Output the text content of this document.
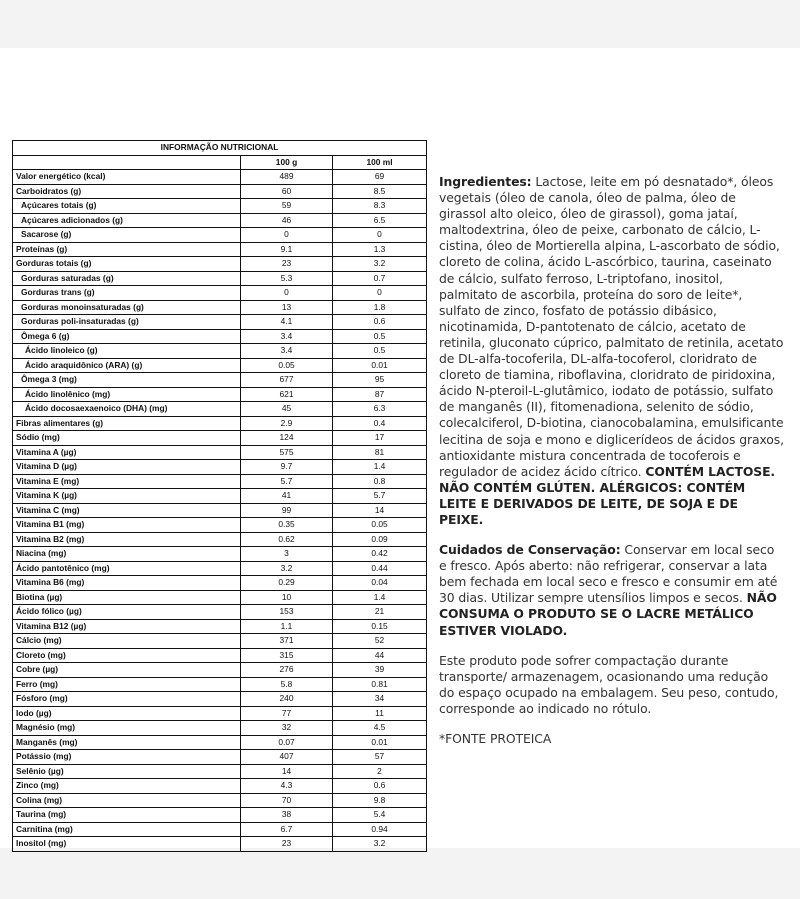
INFORMAÇÃO NUTRICIONAL		
	100 g	100 ml
Valor energético (kcal)	489	69
Carboidratos (g)	60	8.5
Açúcares totais (g)	59	8.3
Açúcares adicionados (g)	46	6.5
Sacarose (g)	0	0
Proteínas (g)	9.1	1.3
Gorduras totais (g)	23	3.2
Gorduras saturadas (g)	5.3	0.7
Gorduras trans (g)	0	0
Gorduras monoinsaturadas (g)	13	1.8
Gorduras poli-insaturadas (g)	4.1	0.6
Ômega 6 (g)	3.4	0.5
Ácido linoleico (g)	3.4	0.5
Ácido araquidônico (ARA) (g)	0.05	0.01
Ômega 3 (mg)	677	95
Ácido linolênico (mg)	621	87
Ácido docosaexaenoico (DHA) (mg)	45	6.3
Fibras alimentares (g)	2.9	0.4
Sódio (mg)	124	17
Vitamina A (µg)	575	81
Vitamina D (µg)	9.7	1.4
Vitamina E (mg)	5.7	0.8
Vitamina K (µg)	41	5.7
Vitamina C (mg)	99	14
Vitamina B1 (mg)	0.35	0.05
Vitamina B2 (mg)	0.62	0.09
Niacina (mg)	3	0.42
Ácido pantotênico (mg)	3.2	0.44
Vitamina B6 (mg)	0.29	0.04
Biotina (µg)	10	1.4
Ácido fólico (µg)	153	21
Vitamina B12 (µg)	1.1	0.15
Cálcio (mg)	371	52
Cloreto (mg)	315	44
Cobre (µg)	276	39
Ferro (mg)	5.8	0.81
Fósforo (mg)	240	34
Iodo (µg)	77	11
Magnésio (mg)	32	4.5
Manganês (mg)	0.07	0.01
Potássio (mg)	407	57
Selênio (µg)	14	2
Zinco (mg)	4.3	0.6
Colina (mg)	70	9.8
Taurina (mg)	38	5.4
Carnitina (mg)	6.7	0.94
Inositol (mg)	23	3.2

Ingredientes: Lactose, leite em pó desnatado*, óleos vegetais (óleo de canola, óleo de palma, óleo de girassol alto oleico, óleo de girassol), goma jataí, maltodextrina, óleo de peixe, carbonato de cálcio, L-cistina, óleo de Mortierella alpina, L-ascorbato de sódio, cloreto de colina, ácido L-ascórbico, taurina, caseinato de cálcio, sulfato ferroso, L-triptofano, inositol, palmitato de ascorbila, proteína do soro de leite*, sulfato de zinco, fosfato de potássio dibásico, nicotinamida, D-pantotenato de cálcio, acetato de retinila, gluconato cúprico, palmitato de retinila, acetato de DL-alfa-tocoferila, DL-alfa-tocoferol, cloridrato de cloreto de tiamina, riboflavina, cloridrato de piridoxina, ácido N-pteroil-L-glutâmico, iodato de potássio, sulfato de manganês (II), fitomenadiona, selenito de sódio, colecalciferol, D-biotina, cianocobalamina, emulsificante lecitina de soja e mono e diglicerídeos de ácidos graxos, antioxidante mistura concentrada de tocoferois e regulador de acidez ácido cítrico. CONTÉM LACTOSE. NÃO CONTÉM GLÚTEN. ALÉRGICOS: CONTÉM LEITE E DERIVADOS DE LEITE, DE SOJA E DE PEIXE.

Cuidados de Conservação: Conservar em local seco e fresco. Após aberto: não refrigerar, conservar a lata bem fechada em local seco e fresco e consumir em até 30 dias. Utilizar sempre utensílios limpos e secos. NÃO CONSUMA O PRODUTO SE O LACRE METÁLICO ESTIVER VIOLADO.

Este produto pode sofrer compactação durante transporte/ armazenagem, ocasionando uma redução do espaço ocupado na embalagem. Seu peso, contudo, corresponde ao indicado no rótulo.

*FONTE PROTEICA
